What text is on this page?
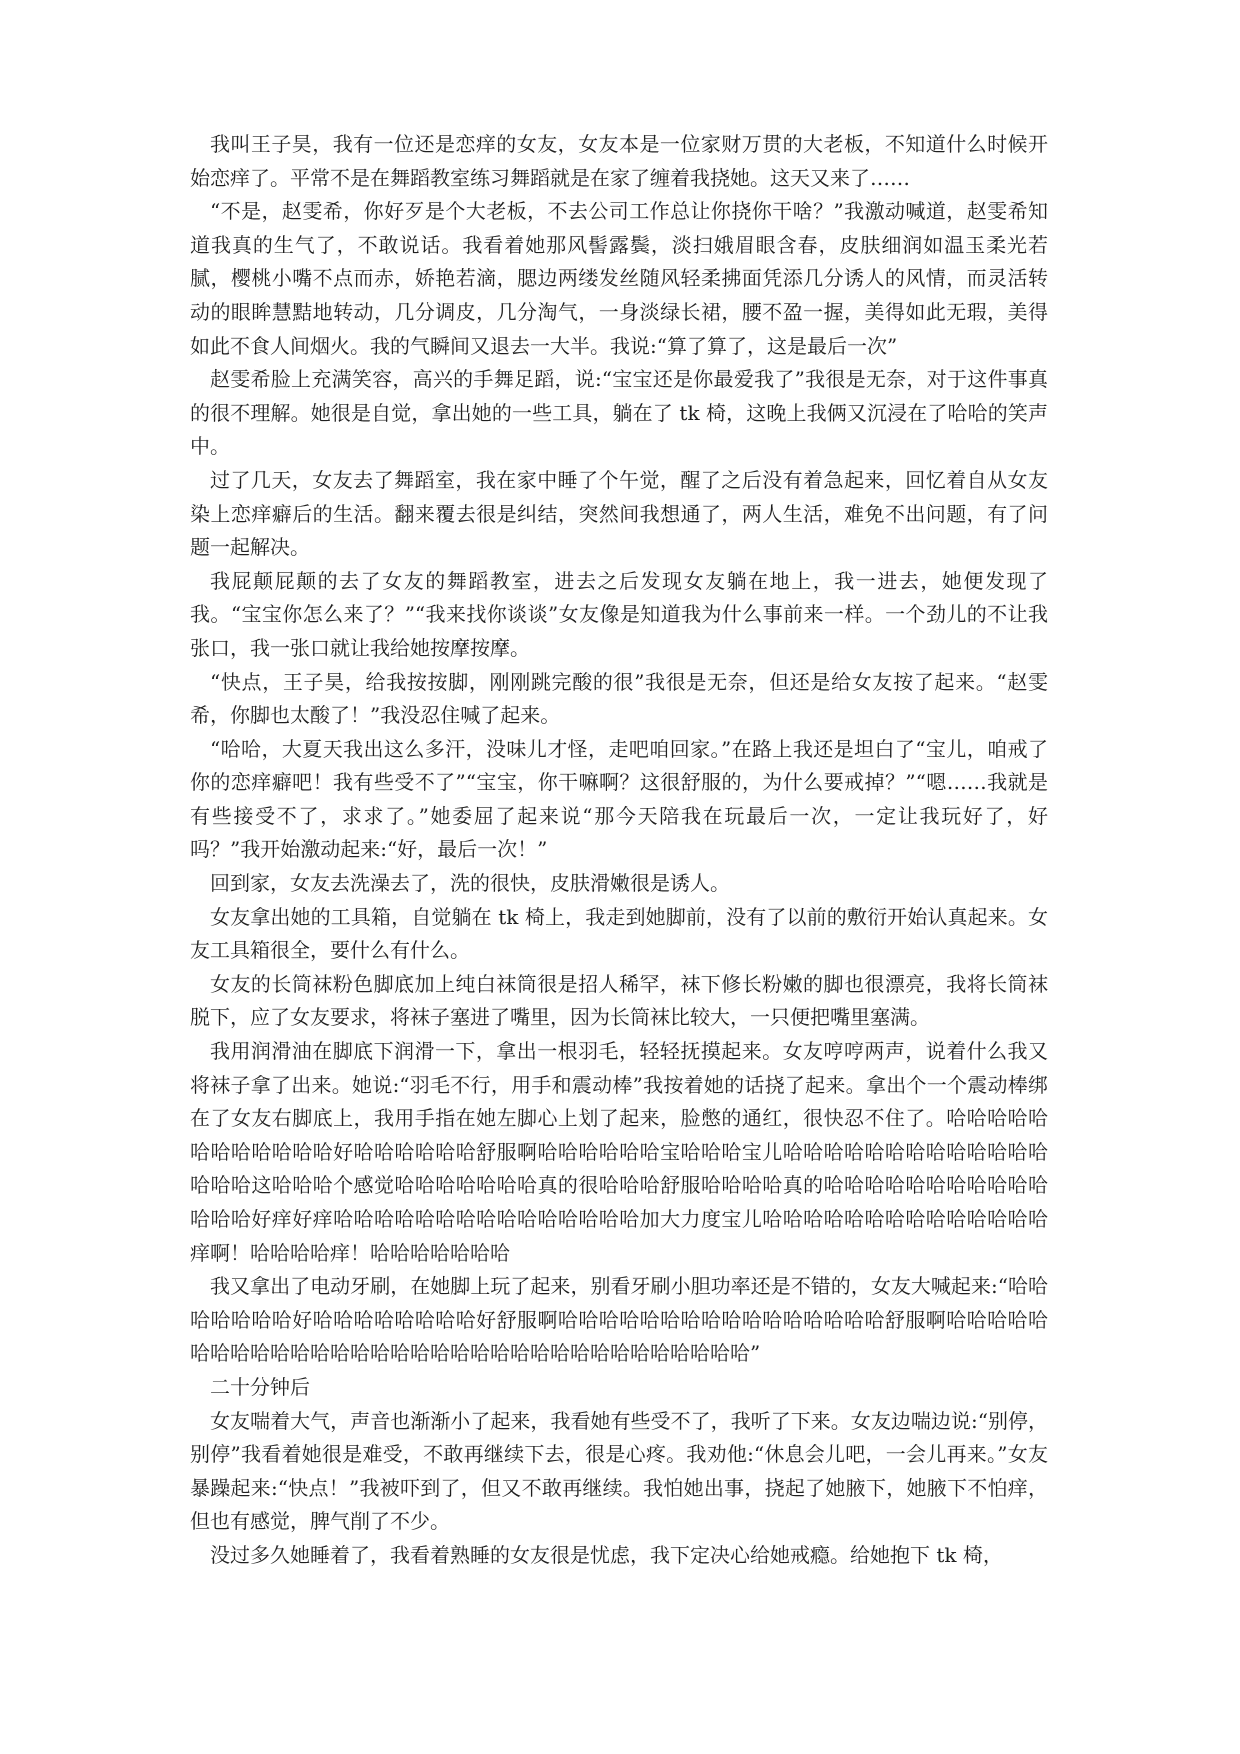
我叫王子昊，我有一位还是恋痒的女友，女友本是一位家财万贯的大老板，不知道什么时候开始恋痒了。平常不是在舞蹈教室练习舞蹈就是在家了缠着我挠她。这天又来了……

“不是，赵雯希，你好歹是个大老板，不去公司工作总让你挠你干啥？”我激动喊道，赵雯希知道我真的生气了，不敢说话。我看着她那风髻露鬓，淡扫娥眉眼含春，皮肤细润如温玉柔光若腻，樱桃小嘴不点而赤，娇艳若滴，腮边两缕发丝随风轻柔拂面凭添几分诱人的风情，而灵活转动的眼眸慧黠地转动，几分调皮，几分淘气，一身淡绿长裙，腰不盈一握，美得如此无瑕，美得如此不食人间烟火。我的气瞬间又退去一大半。我说:“算了算了，这是最后一次”

赵雯希脸上充满笑容，高兴的手舞足蹈，说:“宝宝还是你最爱我了”我很是无奈，对于这件事真的很不理解。她很是自觉，拿出她的一些工具，躺在了 tk 椅，这晚上我俩又沉浸在了哈哈的笑声中。

过了几天，女友去了舞蹈室，我在家中睡了个午觉，醒了之后没有着急起来，回忆着自从女友染上恋痒癖后的生活。翻来覆去很是纠结，突然间我想通了，两人生活，难免不出问题，有了问题一起解决。

我屁颠屁颠的去了女友的舞蹈教室，进去之后发现女友躺在地上，我一进去，她便发现了我。“宝宝你怎么来了？”“我来找你谈谈”女友像是知道我为什么事前来一样。一个劲儿的不让我张口，我一张口就让我给她按摩按摩。

“快点，王子昊，给我按按脚，刚刚跳完酸的很”我很是无奈，但还是给女友按了起来。“赵雯希，你脚也太酸了！”我没忍住喊了起来。

“哈哈，大夏天我出这么多汗，没味儿才怪，走吧咱回家。”在路上我还是坦白了“宝儿，咱戒了你的恋痒癖吧！我有些受不了”“宝宝，你干嘛啊？这很舒服的，为什么要戒掉？”“嗯……我就是有些接受不了，求求了。”她委屈了起来说“那今天陪我在玩最后一次，一定让我玩好了，好吗？”我开始激动起来:“好，最后一次！”

回到家，女友去洗澡去了，洗的很快，皮肤滑嫩很是诱人。

女友拿出她的工具箱，自觉躺在 tk 椅上，我走到她脚前，没有了以前的敷衍开始认真起来。女友工具箱很全，要什么有什么。

女友的长筒袜粉色脚底加上纯白袜筒很是招人稀罕，袜下修长粉嫩的脚也很漂亮，我将长筒袜脱下，应了女友要求，将袜子塞进了嘴里，因为长筒袜比较大，一只便把嘴里塞满。

我用润滑油在脚底下润滑一下，拿出一根羽毛，轻轻抚摸起来。女友哼哼两声，说着什么我又将袜子拿了出来。她说:“羽毛不行，用手和震动棒”我按着她的话挠了起来。拿出个一个震动棒绑在了女友右脚底上，我用手指在她左脚心上划了起来，脸憋的通红，很快忍不住了。哈哈哈哈哈哈哈哈哈哈哈哈好哈哈哈哈哈哈舒服啊哈哈哈哈哈哈宝哈哈哈宝儿哈哈哈哈哈哈哈哈哈哈哈哈哈哈哈哈这哈哈哈个感觉哈哈哈哈哈哈哈真的很哈哈哈舒服哈哈哈哈真的哈哈哈哈哈哈哈哈哈哈哈哈哈哈好痒好痒哈哈哈哈哈哈哈哈哈哈哈哈哈哈哈加大力度宝儿哈哈哈哈哈哈哈哈哈哈哈哈哈哈痒啊！哈哈哈哈痒！哈哈哈哈哈哈哈

我又拿出了电动牙刷，在她脚上玩了起来，别看牙刷小胆功率还是不错的，女友大喊起来:“哈哈哈哈哈哈哈好哈哈哈哈哈哈哈哈好舒服啊哈哈哈哈哈哈哈哈哈哈哈哈哈哈哈哈舒服啊哈哈哈哈哈哈哈哈哈哈哈哈哈哈哈哈哈哈哈哈哈哈哈哈哈哈哈哈哈哈哈哈哈”

二十分钟后

女友喘着大气，声音也渐渐小了起来，我看她有些受不了，我听了下来。女友边喘边说:“别停，别停”我看着她很是难受，不敢再继续下去，很是心疼。我劝他:“休息会儿吧，一会儿再来。”女友暴躁起来:“快点！”我被吓到了，但又不敢再继续。我怕她出事，挠起了她腋下，她腋下不怕痒，但也有感觉，脾气削了不少。

没过多久她睡着了，我看着熟睡的女友很是忧虑，我下定决心给她戒瘾。给她抱下 tk 椅，
